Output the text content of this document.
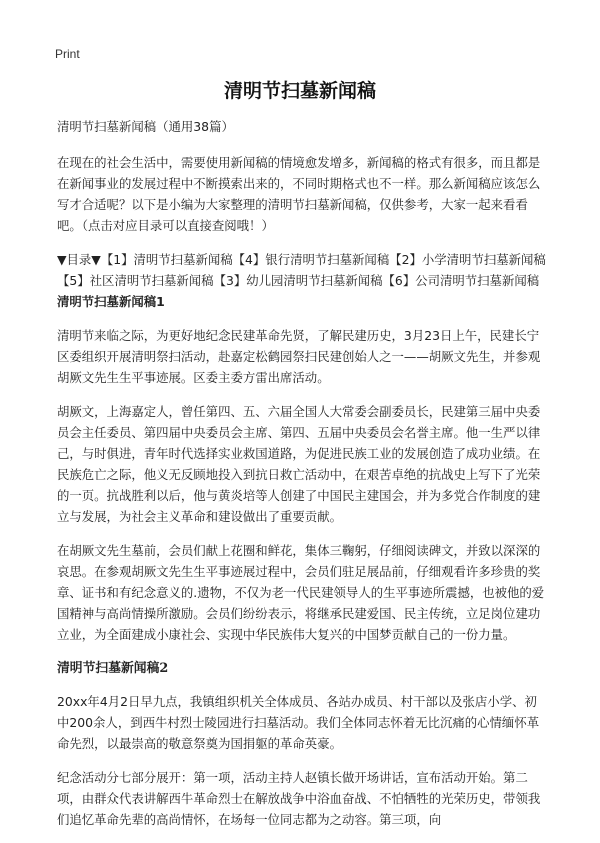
Print
清明节扫墓新闻稿

清明节扫墓新闻稿（通用38篇）

在现在的社会生活中，需要使用新闻稿的情境愈发增多，新闻稿的格式有很多，而且都是在新闻事业的发展过程中不断摸索出来的，不同时期格式也不一样。那么新闻稿应该怎么写才合适呢？以下是小编为大家整理的清明节扫墓新闻稿，仅供参考，大家一起来看看吧。（点击对应目录可以直接查阅哦！）

▼目录▼【1】清明节扫墓新闻稿【4】银行清明节扫墓新闻稿【2】小学清明节扫墓新闻稿【5】社区清明节扫墓新闻稿【3】幼儿园清明节扫墓新闻稿【6】公司清明节扫墓新闻稿清明节扫墓新闻稿1

清明节来临之际，为更好地纪念民建革命先贤，了解民建历史，3月23日上午，民建长宁区委组织开展清明祭扫活动，赴嘉定松鹤园祭扫民建创始人之一——胡厥文先生，并参观胡厥文先生生平事迹展。区委主委方雷出席活动。

胡厥文，上海嘉定人，曾任第四、五、六届全国人大常委会副委员长，民建第三届中央委员会主任委员、第四届中央委员会主席、第四、五届中央委员会名誉主席。他一生严以律己，与时俱进，青年时代选择实业救国道路，为促进民族工业的发展创造了成功业绩。在民族危亡之际，他义无反顾地投入到抗日救亡活动中，在艰苦卓绝的抗战史上写下了光荣的一页。抗战胜利以后，他与黄炎培等人创建了中国民主建国会，并为多党合作制度的建立与发展，为社会主义革命和建设做出了重要贡献。

在胡厥文先生墓前，会员们献上花圈和鲜花，集体三鞠躬，仔细阅读碑文，并致以深深的哀思。在参观胡厥文先生生平事迹展过程中，会员们驻足展品前，仔细观看许多珍贵的奖章、证书和有纪念意义的.遗物，不仅为老一代民建领导人的生平事迹所震撼，也被他的爱国精神与高尚情操所激励。会员们纷纷表示，将继承民建爱国、民主传统，立足岗位建功立业，为全面建成小康社会、实现中华民族伟大复兴的中国梦贡献自己的一份力量。

清明节扫墓新闻稿2

20xx年4月2日早九点，我镇组织机关全体成员、各站办成员、村干部以及张店小学、初中200余人，到西牛村烈士陵园进行扫墓活动。我们全体同志怀着无比沉痛的心情缅怀革命先烈，以最崇高的敬意祭奠为国捐躯的革命英豪。

纪念活动分七部分展开：第一项，活动主持人赵镇长做开场讲话，宣布活动开始。第二项，由群众代表讲解西牛革命烈士在解放战争中浴血奋战、不怕牺牲的光荣历史，带领我们追忆革命先辈的高尚情怀，在场每一位同志都为之动容。第三项，向
